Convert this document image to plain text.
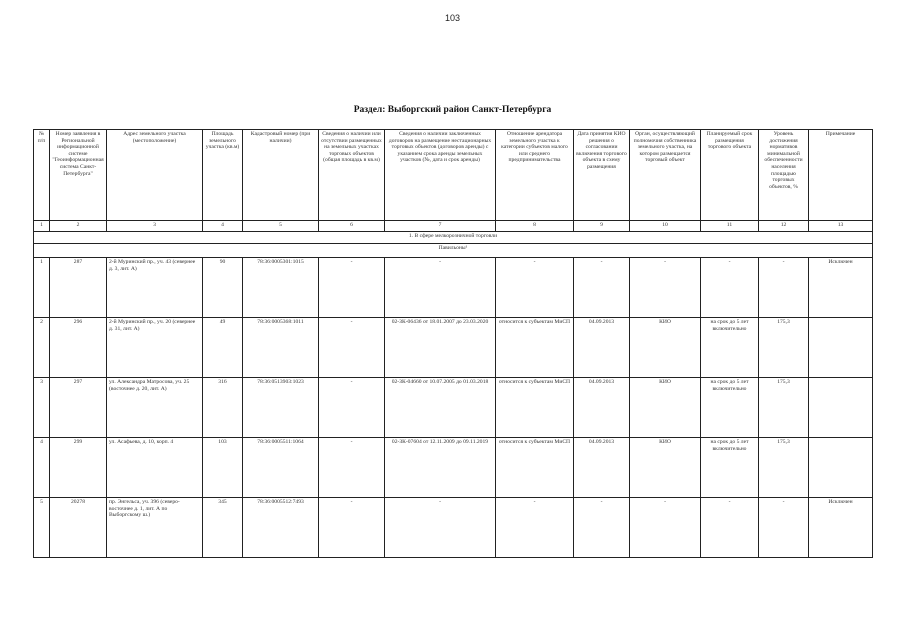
103
Раздел: Выборгский район Санкт-Петербурга
№ п/п	Номер заявления в Региональной информационной системе "Геоинформационная система Санкт-Петербурга"	Адрес земельного участка (местоположение)	Площадь земельного участка (кв.м)	Кадастровый номер (при наличии)	Сведения о наличии или отсутствии размещенных на земельных участках торговых объектов (общая площадь в кв.м)	Сведения о наличии заключенных договоров на размещение нестационарных торговых объектов (договоров аренды) с указанием срока аренды земельных участков (№, дата и срок аренды)	Отношение арендатора земельного участка к категории субъектов малого или среднего предпринимательства	Дата принятия КИО решения о согласовании включения торгового объекта в схему размещения	Орган, осуществляющий полномочия собственника земельного участка, на котором размещается торговый объект	Планируемый срок размещения торгового объекта	Уровень достижения нормативов минимальной обеспеченности населения площадью торговых объектов, %	Примечание
1	2	3	4	5	6	7	8	9	10	11	12	13
1. В сфере мелкорозничной торговли												
Павильоны¹												
1	287	2-й Муринский пр., уч. 43 (севернее д. 3, лит. А)	90	78:36:0005301:1015	-	-	-	-	-	-	-	Исключен
2	296	2-й Муринский пр., уч. 20 (севернее д. 31, лит. А)	49	78:36:0005368:1011	-	02-ЗК-06436 от 18.01.2007 до 23.03.2020	относится к субъектам МиСП	04.09.2013	КИО	на срок до 5 лет включительно	175,3	
3	297	ул. Александра Матросова, уч. 25 (восточнее д. 20, лит. А)	316	78:36:0513903:1023	-	02-ЗК-04660 от 10.07.2005 до 01.03.2018	относится к субъектам МиСП	04.09.2013	КИО	на срок до 5 лет включительно	175,3	
4	299	ул. Асафьева, д. 10, корп. 4	103	78:36:0005511:1064	-	02-ЗК-07604 от 12.11.2009 до 09.11.2019	относится к субъектам МиСП	04.09.2013	КИО	на срок до 5 лет включительно	175,3	
5	20278	пр. Энгельса, уч. 396 (северо-восточнее д. 1, лит. А по Выборгскому ш.)	345	78:36:0005512:7493	-	-	-	-	-	-	-	Исключен
